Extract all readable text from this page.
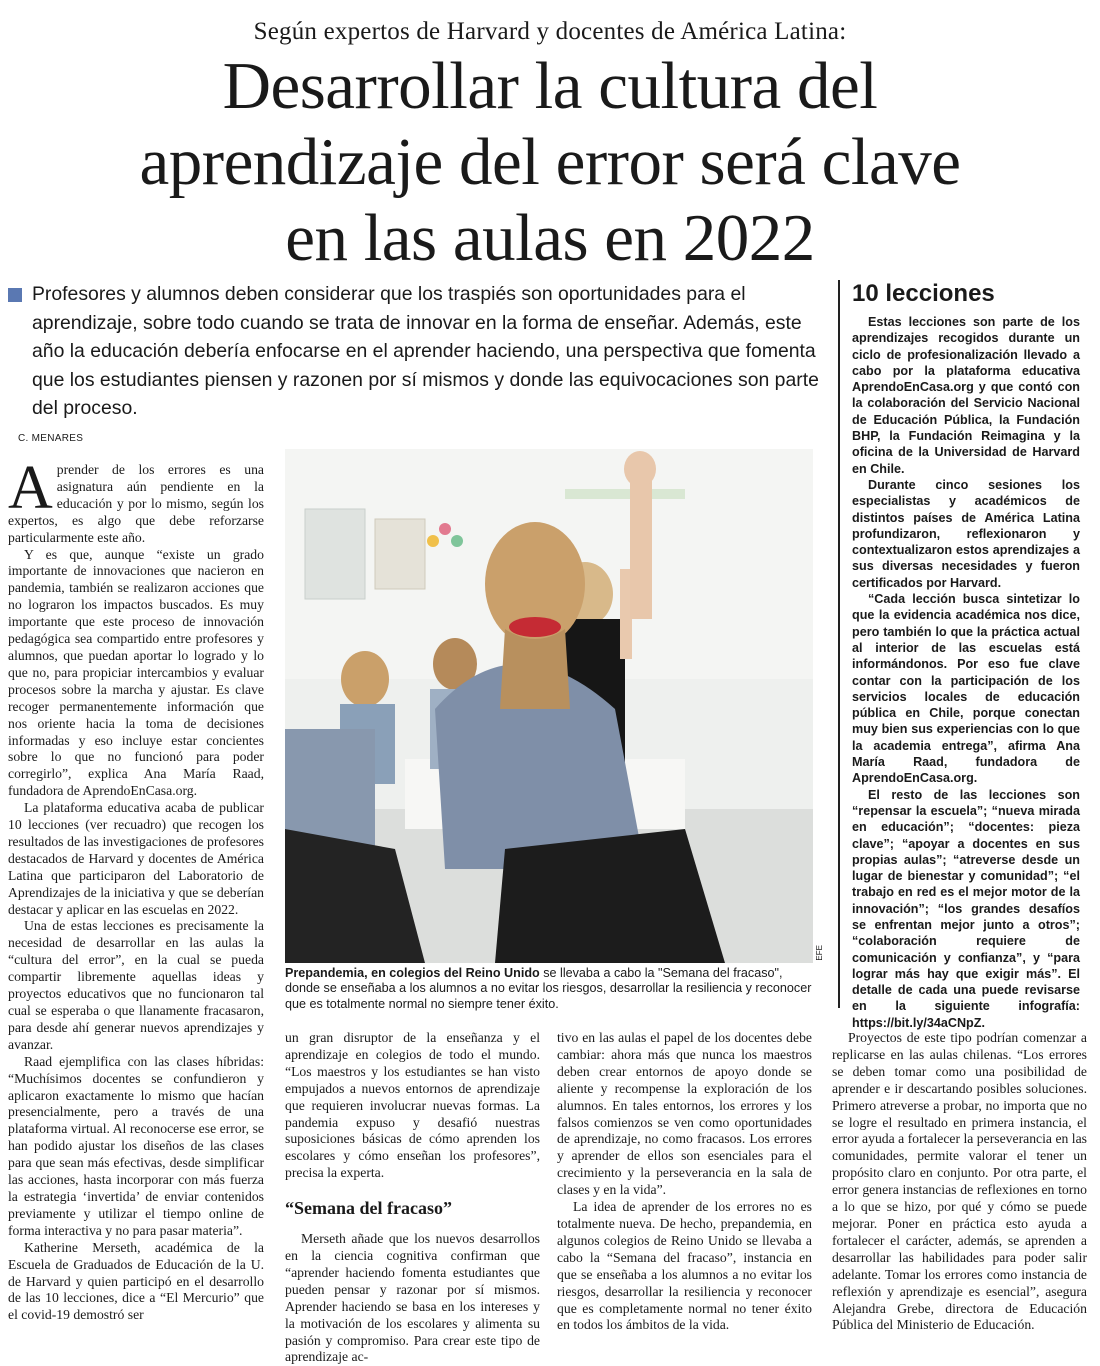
Según expertos de Harvard y docentes de América Latina:
Desarrollar la cultura del
aprendizaje del error será clave
en las aulas en 2022

Profesores y alumnos deben considerar que los traspiés son oportunidades para el aprendizaje, sobre todo cuando se trata de innovar en la forma de enseñar. Además, este año la educación debería enfocarse en el aprender haciendo, una perspectiva que fomenta que los estudiantes piensen y razonen por sí mismos y donde las equivocaciones son parte del proceso.

C. MENARES
10 lecciones

Estas lecciones son parte de los aprendizajes recogidos durante un ciclo de profesionalización llevado a cabo por la plataforma educativa AprendoEnCasa.org y que contó con la colaboración del Servicio Nacional de Educación Pública, la Fundación BHP, la Fundación Reimagina y la oficina de la Universidad de Harvard en Chile.

Durante cinco sesiones los especialistas y académicos de distintos países de América Latina profundizaron, reflexionaron y contextualizaron estos aprendizajes a sus diversas necesidades y fueron certificados por Harvard.

“Cada lección busca sintetizar lo que la evidencia académica nos dice, pero también lo que la práctica actual al interior de las escuelas está informándonos. Por eso fue clave contar con la participación de los servicios locales de educación pública en Chile, porque conectan muy bien sus experiencias con lo que la academia entrega”, afirma Ana María Raad, fundadora de AprendoEnCasa.org.

El resto de las lecciones son “repensar la escuela”; “nueva mirada en educación”; “docentes: pieza clave”; “apoyar a docentes en sus propias aulas”; “atreverse desde un lugar de bienestar y comunidad”; “el trabajo en red es el mejor motor de la innovación”; “los grandes desafíos se enfrentan mejor junto a otros”; “colaboración requiere de comunicación y confianza”, y “para lograr más hay que exigir más”. El detalle de cada una puede revisarse en la siguiente infografía: https://bit.ly/34aCNpZ.

Aprender de los errores es una asignatura aún pendiente en la educación y por lo mismo, según los expertos, es algo que debe reforzarse particularmente este año.

Y es que, aunque “existe un grado importante de innovaciones que nacieron en pandemia, también se realizaron acciones que no lograron los impactos buscados. Es muy importante que este proceso de innovación pedagógica sea compartido entre profesores y alumnos, que puedan aportar lo logrado y lo que no, para propiciar intercambios y evaluar procesos sobre la marcha y ajustar. Es clave recoger permanentemente información que nos oriente hacia la toma de decisiones informadas y eso incluye estar concientes sobre lo que no funcionó para poder corregirlo”, explica Ana María Raad, fundadora de AprendoEnCasa.org.

La plataforma educativa acaba de publicar 10 lecciones (ver recuadro) que recogen los resultados de las investigaciones de profesores destacados de Harvard y docentes de América Latina que participaron del Laboratorio de Aprendizajes de la iniciativa y que se deberían destacar y aplicar en las escuelas en 2022.

Una de estas lecciones es precisamente la necesidad de desarrollar en las aulas la “cultura del error”, en la cual se pueda compartir libremente aquellas ideas y proyectos educativos que no funcionaron tal cual se esperaba o que llanamente fracasaron, para desde ahí generar nuevos aprendizajes y avanzar.

Raad ejemplifica con las clases híbridas: “Muchísimos docentes se confundieron y aplicaron exactamente lo mismo que hacían presencialmente, pero a través de una plataforma virtual. Al reconocerse ese error, se han podido ajustar los diseños de las clases para que sean más efectivas, desde simplificar las acciones, hasta incorporar con más fuerza la estrategia ‘invertida’ de enviar contenidos previamente y utilizar el tiempo online de forma interactiva y no para pasar materia”.

Katherine Merseth, académica de la Escuela de Graduados de Educación de la U. de Harvard y quien participó en el desarrollo de las 10 lecciones, dice a “El Mercurio” que el covid-19 demostró ser

EFE
Prepandemia, en colegios del Reino Unido se llevaba a cabo la "Semana del fracaso", donde se enseñaba a los alumnos a no evitar los riesgos, desarrollar la resiliencia y reconocer que es totalmente normal no siempre tener éxito.

un gran disruptor de la enseñanza y el aprendizaje en colegios de todo el mundo. “Los maestros y los estudiantes se han visto empujados a nuevos entornos de aprendizaje que requieren involucrar nuevas formas. La pandemia expuso y desafió nuestras suposiciones básicas de cómo aprenden los escolares y cómo enseñan los profesores”, precisa la experta.

“Semana del fracaso”

Merseth añade que los nuevos desarrollos en la ciencia cognitiva confirman que “aprender haciendo fomenta estudiantes que pueden pensar y razonar por sí mismos. Aprender haciendo se basa en los intereses y la motivación de los escolares y alimenta su pasión y compromiso. Para crear este tipo de aprendizaje ac-

tivo en las aulas el papel de los docentes debe cambiar: ahora más que nunca los maestros deben crear entornos de apoyo donde se aliente y recompense la exploración de los alumnos. En tales entornos, los errores y los falsos comienzos se ven como oportunidades de aprendizaje, no como fracasos. Los errores y aprender de ellos son esenciales para el crecimiento y la perseverancia en la sala de clases y en la vida”.

La idea de aprender de los errores no es totalmente nueva. De hecho, prepandemia, en algunos colegios de Reino Unido se llevaba a cabo la “Semana del fracaso”, instancia en que se enseñaba a los alumnos a no evitar los riesgos, desarrollar la resiliencia y reconocer que es completamente normal no tener éxito en todos los ámbitos de la vida.

Proyectos de este tipo podrían comenzar a replicarse en las aulas chilenas. “Los errores se deben tomar como una posibilidad de aprender e ir descartando posibles soluciones. Primero atreverse a probar, no importa que no se logre el resultado en primera instancia, el error ayuda a fortalecer la perseverancia en las comunidades, permite valorar el tener un propósito claro en conjunto. Por otra parte, el error genera instancias de reflexiones en torno a lo que se hizo, por qué y cómo se puede mejorar. Poner en práctica esto ayuda a fortalecer el carácter, además, se aprenden a desarrollar las habilidades para poder salir adelante. Tomar los errores como instancia de reflexión y aprendizaje es esencial”, asegura Alejandra Grebe, directora de Educación Pública del Ministerio de Educación.
